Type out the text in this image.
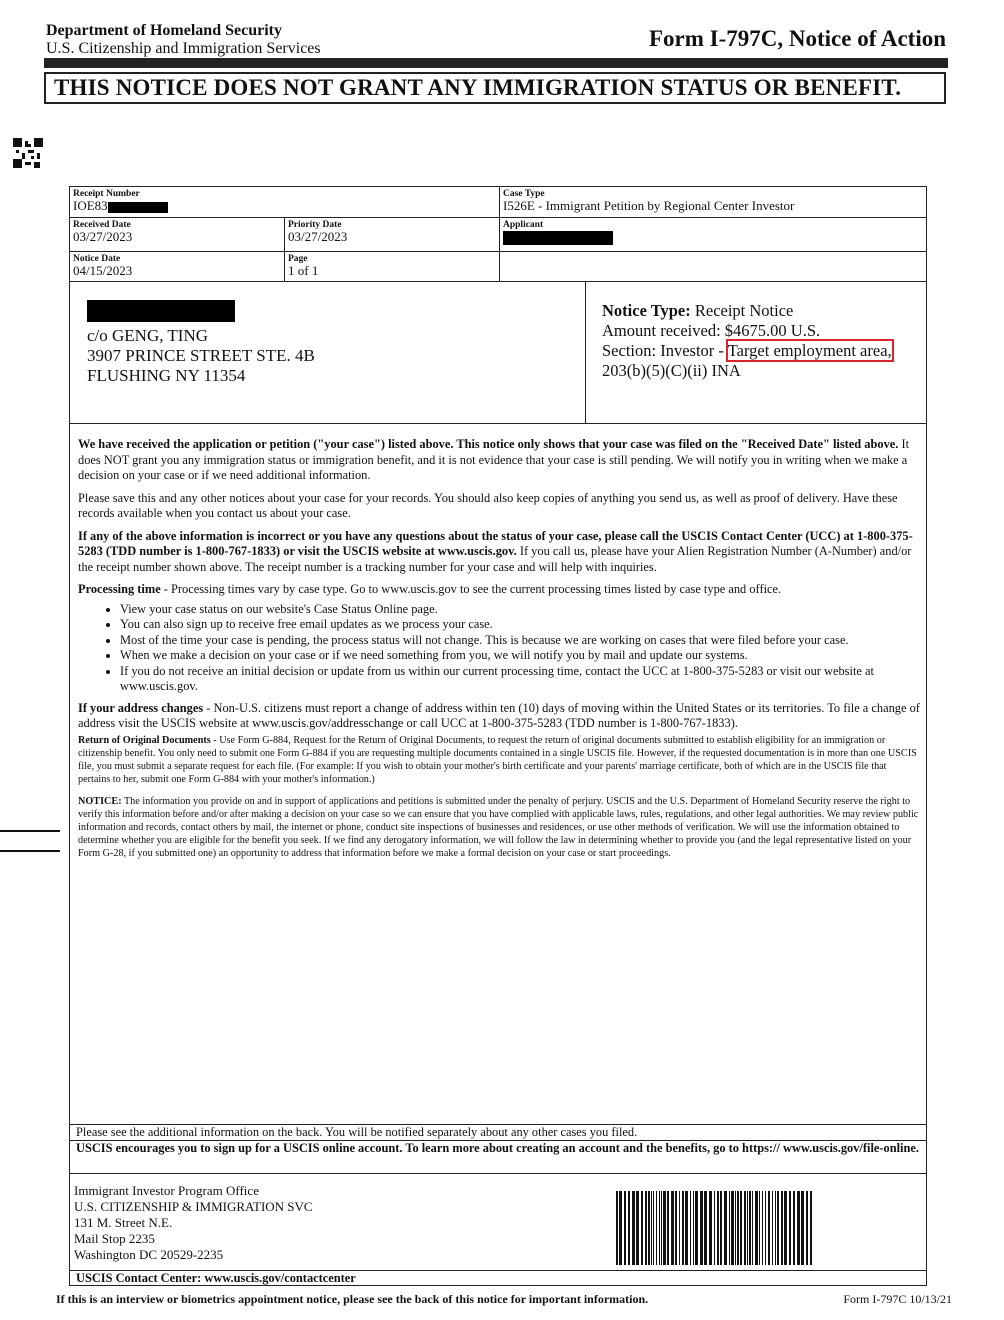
Department of Homeland Security
U.S. Citizenship and Immigration Services	Form I-797C, Notice of Action
THIS NOTICE DOES NOT GRANT ANY IMMIGRATION STATUS OR BENEFIT.
Receipt Number
IOE83
Case Type
I526E - Immigrant Petition by Regional Center Investor
Received Date
03/27/2023
Priority Date
03/27/2023
Applicant
Notice Date
04/15/2023
Page
1 of 1
c/o GENG, TING
3907 PRINCE STREET STE. 4B
FLUSHING NY 11354
Notice Type: Receipt Notice
Amount received: $4675.00 U.S.
Section: Investor - Target employment area,
203(b)(5)(C)(ii) INA
Please see the additional information on the back. You will be notified separately about any other cases you filed.
USCIS encourages you to sign up for a USCIS online account. To learn more about creating an account and the benefits, go to https:// www.uscis.gov/file-online.
Immigrant Investor Program Office
U.S. CITIZENSHIP & IMMIGRATION SVC
131 M. Street N.E.
Mail Stop 2235
Washington DC 20529-2235
USCIS Contact Center: www.uscis.gov/contactcenter

We have received the application or petition ("your case") listed above. This notice only shows that your case was filed on the "Received Date" listed above. It does NOT grant you any immigration status or immigration benefit, and it is not evidence that your case is still pending. We will notify you in writing when we make a decision on your case or if we need additional information.

Please save this and any other notices about your case for your records. You should also keep copies of anything you send us, as well as proof of delivery. Have these records available when you contact us about your case.

If any of the above information is incorrect or you have any questions about the status of your case, please call the USCIS Contact Center (UCC) at 1-800-375-5283 (TDD number is 1-800-767-1833) or visit the USCIS website at www.uscis.gov. If you call us, please have your Alien Registration Number (A-Number) and/or the receipt number shown above. The receipt number is a tracking number for your case and will help with inquiries.

Processing time - Processing times vary by case type. Go to www.uscis.gov to see the current processing times listed by case type and office.

• View your case status on our website's Case Status Online page.
• You can also sign up to receive free email updates as we process your case.
• Most of the time your case is pending, the process status will not change. This is because we are working on cases that were filed before your case.
• When we make a decision on your case or if we need something from you, we will notify you by mail and update our systems.
• If you do not receive an initial decision or update from us within our current processing time, contact the UCC at 1-800-375-5283 or visit our website at www.uscis.gov.

If your address changes - Non-U.S. citizens must report a change of address within ten (10) days of moving within the United States or its territories. To file a change of address visit the USCIS website at www.uscis.gov/addresschange or call UCC at 1-800-375-5283 (TDD number is 1-800-767-1833).

Return of Original Documents - Use Form G-884, Request for the Return of Original Documents, to request the return of original documents submitted to establish eligibility for an immigration or citizenship benefit. You only need to submit one Form G-884 if you are requesting multiple documents contained in a single USCIS file. However, if the requested documentation is in more than one USCIS file, you must submit a separate request for each file. (For example: If you wish to obtain your mother's birth certificate and your parents' marriage certificate, both of which are in the USCIS file that pertains to her, submit one Form G-884 with your mother's information.)

NOTICE: The information you provide on and in support of applications and petitions is submitted under the penalty of perjury. USCIS and the U.S. Department of Homeland Security reserve the right to verify this information before and/or after making a decision on your case so we can ensure that you have complied with applicable laws, rules, regulations, and other legal authorities. We may review public information and records, contact others by mail, the internet or phone, conduct site inspections of businesses and residences, or use other methods of verification. We will use the information obtained to determine whether you are eligible for the benefit you seek. If we find any derogatory information, we will follow the law in determining whether to provide you (and the legal representative listed on your Form G-28, if you submitted one) an opportunity to address that information before we make a formal decision on your case or start proceedings.

If this is an interview or biometrics appointment notice, please see the back of this notice for important information.	Form I-797C 10/13/21
